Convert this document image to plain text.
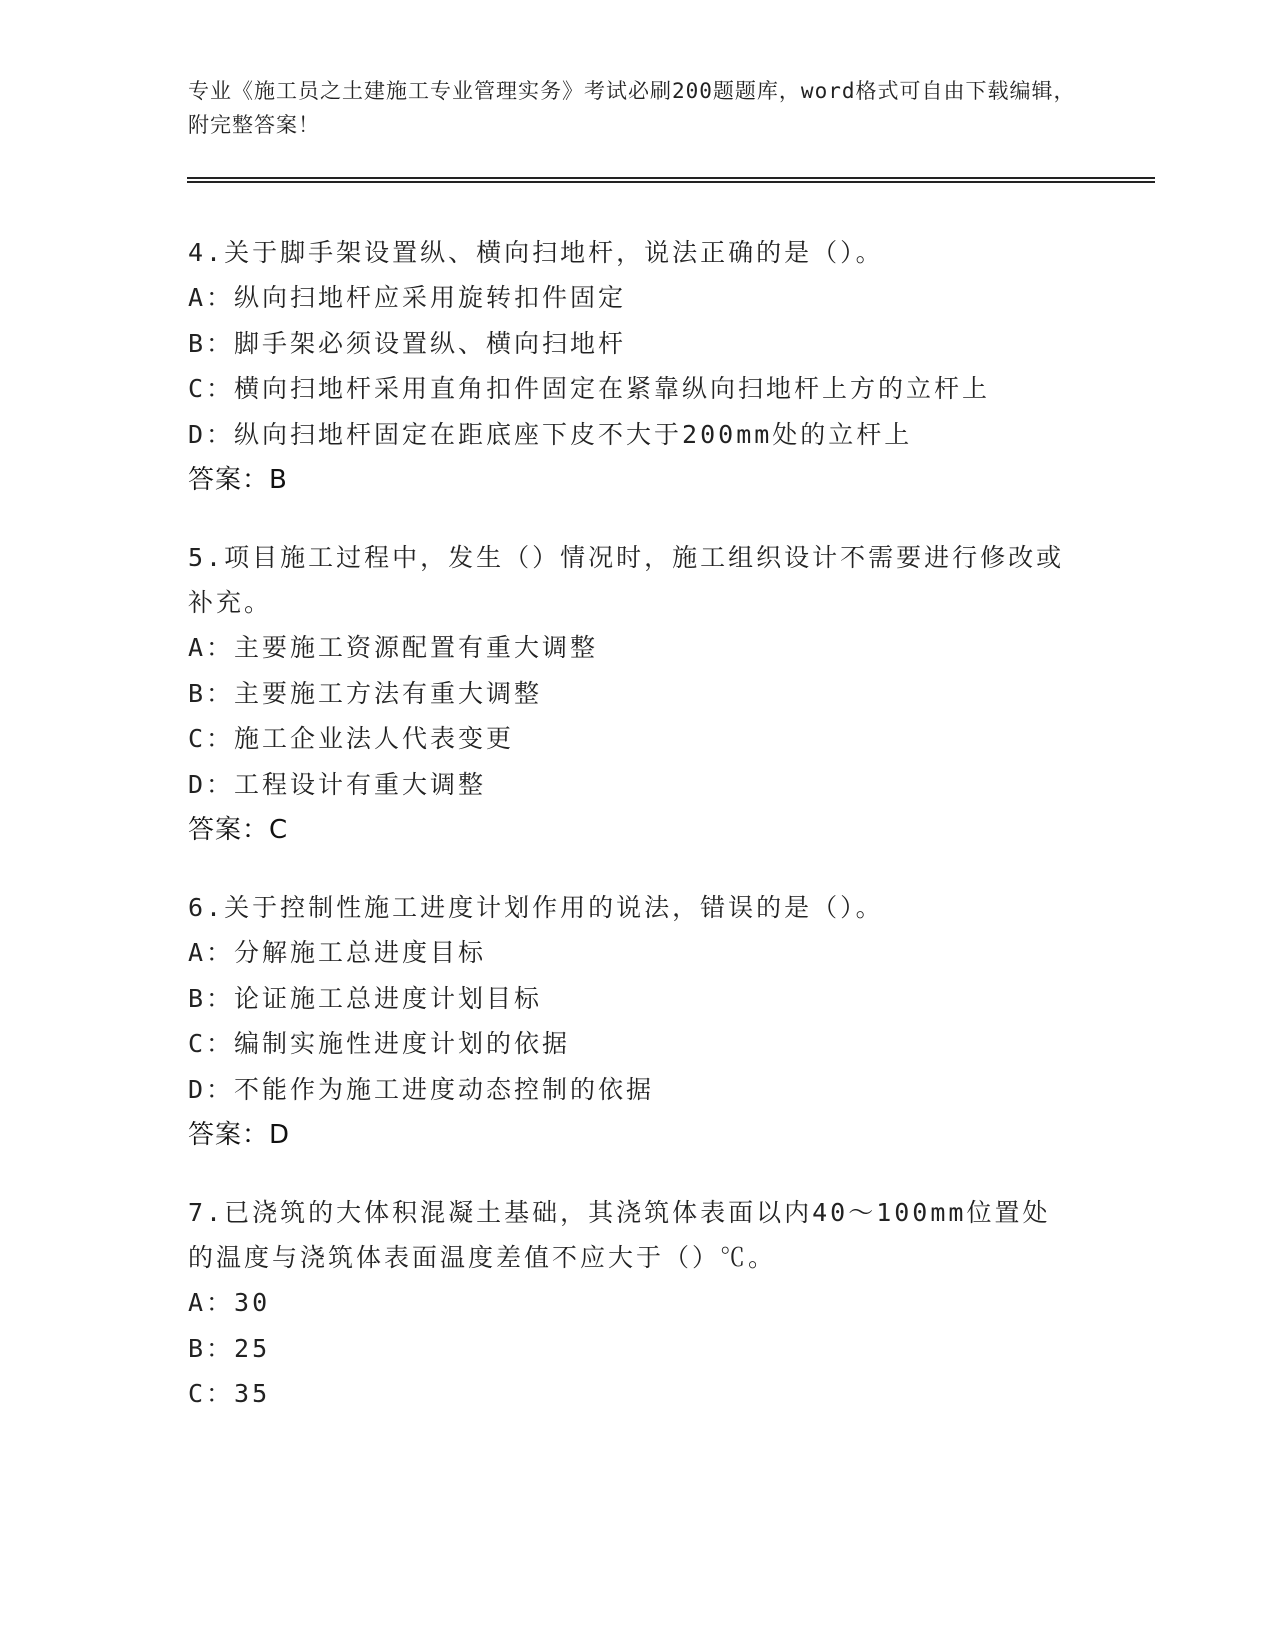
专业《施工员之土建施工专业管理实务》考试必刷200题题库，word格式可自由下载编辑，附完整答案！
4.关于脚手架设置纵、横向扫地杆，说法正确的是（）。
A：纵向扫地杆应采用旋转扣件固定
B：脚手架必须设置纵、横向扫地杆
C：横向扫地杆采用直角扣件固定在紧靠纵向扫地杆上方的立杆上
D：纵向扫地杆固定在距底座下皮不大于200mm处的立杆上
答案：B
5.项目施工过程中，发生（）情况时，施工组织设计不需要进行修改或补充。
A：主要施工资源配置有重大调整
B：主要施工方法有重大调整
C：施工企业法人代表变更
D：工程设计有重大调整
答案：C
6.关于控制性施工进度计划作用的说法，错误的是（）。
A：分解施工总进度目标
B：论证施工总进度计划目标
C：编制实施性进度计划的依据
D：不能作为施工进度动态控制的依据
答案：D
7.已浇筑的大体积混凝土基础，其浇筑体表面以内40～100mm位置处的温度与浇筑体表面温度差值不应大于（）℃。
A：30
B：25
C：35
